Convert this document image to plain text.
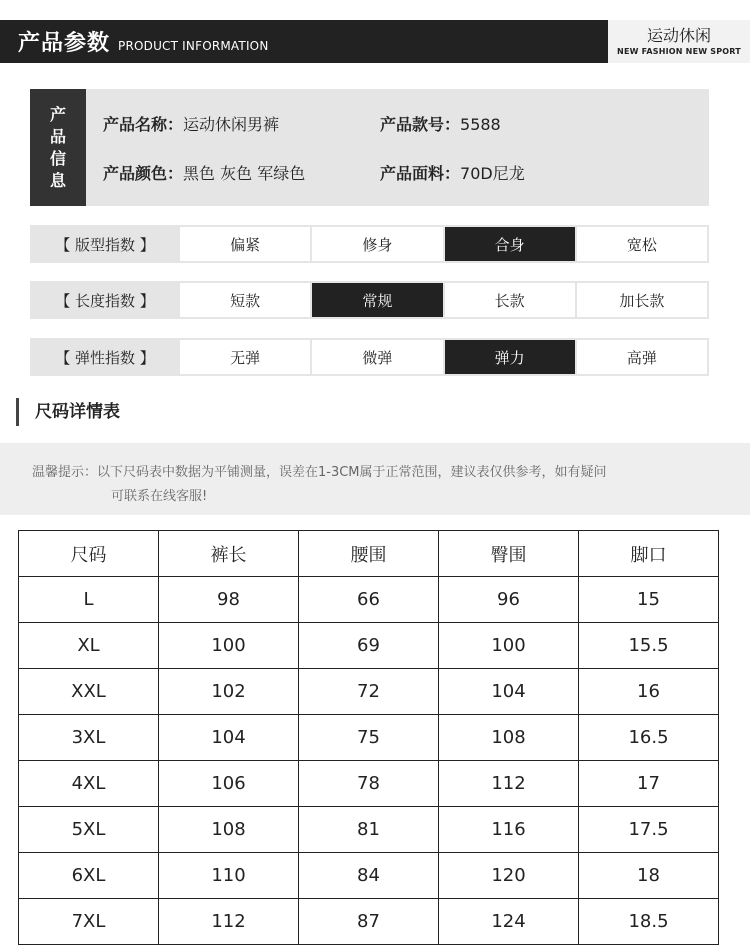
产品参数 PRODUCT INFORMATION
运动休闲
NEW FASHION NEW SPORT
产
品
信
息
产品名称：运动休闲男裤	产品款号：5588
产品颜色：黑色 灰色 军绿色	产品面料：70D尼龙
【 版型指数 】	偏紧	修身	合身	宽松
【 长度指数 】	短款	常规	长款	加长款
【 弹性指数 】	无弹	微弹	弹力	高弹
尺码详情表
温馨提示：以下尺码表中数据为平铺测量，误差在1-3CM属于正常范围，建议表仅供参考，如有疑问
可联系在线客服!
尺码	裤长	腰围	臀围	脚口
L	98	66	96	15
XL	100	69	100	15.5
XXL	102	72	104	16
3XL	104	75	108	16.5
4XL	106	78	112	17
5XL	108	81	116	17.5
6XL	110	84	120	18
7XL	112	87	124	18.5
